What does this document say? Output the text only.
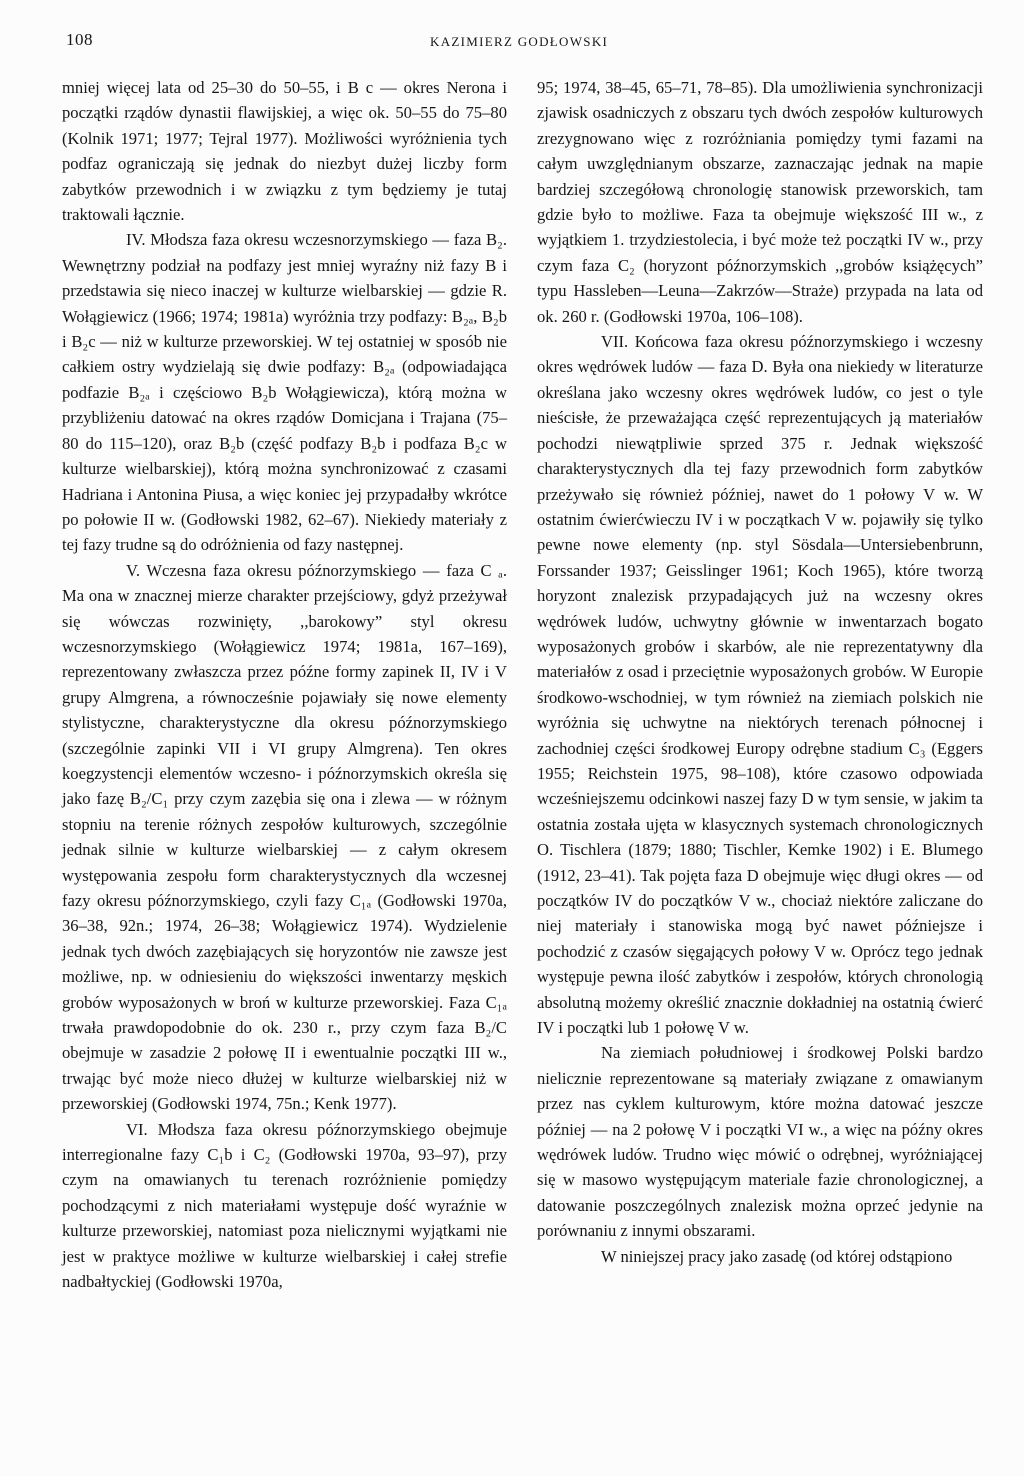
108	KAZIMIERZ GODŁOWSKI

mniej więcej lata od 25–30 do 50–55, i B c — okres Nerona i początki rządów dynastii flawijskiej, a więc ok. 50–55 do 75–80 (Kolnik 1971; 1977; Tejral 1977). Możliwości wyróżnienia tych podfaz ograniczają się jednak do niezbyt dużej liczby form zabytków przewodnich i w związku z tym będziemy je tutaj traktowali łącznie.

IV. Młodsza faza okresu wczesnorzymskiego — faza B₂. Wewnętrzny podział na podfazy jest mniej wyraźny niż fazy B i przedstawia się nieco inaczej w kulturze wielbarskiej — gdzie R. Wołągiewicz (1966; 1974; 1981a) wyróżnia trzy podfazy: B₂ₐ, B₂b i B₂c — niż w kulturze przeworskiej. W tej ostatniej w sposób nie całkiem ostry wydzielają się dwie podfazy: B₂ₐ (odpowiadająca podfazie B₂ₐ i częściowo B₂b Wołągiewicza), którą można w przybliżeniu datować na okres rządów Domicjana i Trajana (75–80 do 115–120), oraz B₂b (część podfazy B₂b i podfaza B₂c w kulturze wielbarskiej), którą można synchronizować z czasami Hadriana i Antonina Piusa, a więc koniec jej przypadałby wkrótce po połowie II w. (Godłowski 1982, 62–67). Niekiedy materiały z tej fazy trudne są do odróżnienia od fazy następnej.

V. Wczesna faza okresu późnorzymskiego — faza C ₐ. Ma ona w znacznej mierze charakter przejściowy, gdyż przeżywał się wówczas rozwinięty, ,,barokowy” styl okresu wczesnorzymskiego (Wołągiewicz 1974; 1981a, 167–169), reprezentowany zwłaszcza przez późne formy zapinek II, IV i V grupy Almgrena, a równocześnie pojawiały się nowe elementy stylistyczne, charakterystyczne dla okresu późnorzymskiego (szczególnie zapinki VII i VI grupy Almgrena). Ten okres koegzystencji elementów wczesno- i późnorzymskich określa się jako fazę B₂/C₁ przy czym zazębia się ona i zlewa — w różnym stopniu na terenie różnych zespołów kulturowych, szczególnie jednak silnie w kulturze wielbarskiej — z całym okresem występowania zespołu form charakterystycznych dla wczesnej fazy okresu późnorzymskiego, czyli fazy C₁ₐ (Godłowski 1970a, 36–38, 92n.; 1974, 26–38; Wołągiewicz 1974). Wydzielenie jednak tych dwóch zazębiających się horyzontów nie zawsze jest możliwe, np. w odniesieniu do większości inwentarzy męskich grobów wyposażonych w broń w kulturze przeworskiej. Faza C₁ₐ trwała prawdopodobnie do ok. 230 r., przy czym faza B₂/C obejmuje w zasadzie 2 połowę II i ewentualnie początki III w., trwając być może nieco dłużej w kulturze wielbarskiej niż w przeworskiej (Godłowski 1974, 75n.; Kenk 1977).

VI. Młodsza faza okresu późnorzymskiego obejmuje interregionalne fazy C₁b i C₂ (Godłowski 1970a, 93–97), przy czym na omawianych tu terenach rozróżnienie pomiędzy pochodzącymi z nich materiałami występuje dość wyraźnie w kulturze przeworskiej, natomiast poza nielicznymi wyjątkami nie jest w praktyce możliwe w kulturze wielbarskiej i całej strefie nadbałtyckiej (Godłowski 1970a,

95; 1974, 38–45, 65–71, 78–85). Dla umożliwienia synchronizacji zjawisk osadniczych z obszaru tych dwóch zespołów kulturowych zrezygnowano więc z rozróżniania pomiędzy tymi fazami na całym uwzględnianym obszarze, zaznaczając jednak na mapie bardziej szczegółową chronologię stanowisk przeworskich, tam gdzie było to możliwe. Faza ta obejmuje większość III w., z wyjątkiem 1. trzydziestolecia, i być może też początki IV w., przy czym faza C₂ (horyzont późnorzymskich ,,grobów książęcych” typu Hassleben—Leuna—Zakrzów—Straże) przypada na lata od ok. 260 r. (Godłowski 1970a, 106–108).

VII. Końcowa faza okresu późnorzymskiego i wczesny okres wędrówek ludów — faza D. Była ona niekiedy w literaturze określana jako wczesny okres wędrówek ludów, co jest o tyle nieścisłe, że przeważająca część reprezentujących ją materiałów pochodzi niewątpliwie sprzed 375 r. Jednak większość charakterystycznych dla tej fazy przewodnich form zabytków przeżywało się również później, nawet do 1 połowy V w. W ostatnim ćwierćwieczu IV i w początkach V w. pojawiły się tylko pewne nowe elementy (np. styl Sösdala—Untersiebenbrunn, Forssander 1937; Geisslinger 1961; Koch 1965), które tworzą horyzont znalezisk przypadających już na wczesny okres wędrówek ludów, uchwytny głównie w inwentarzach bogato wyposażonych grobów i skarbów, ale nie reprezentatywny dla materiałów z osad i przeciętnie wyposażonych grobów. W Europie środkowo-wschodniej, w tym również na ziemiach polskich nie wyróżnia się uchwytne na niektórych terenach północnej i zachodniej części środkowej Europy odrębne stadium C₃ (Eggers 1955; Reichstein 1975, 98–108), które czasowo odpowiada wcześniejszemu odcinkowi naszej fazy D w tym sensie, w jakim ta ostatnia została ujęta w klasycznych systemach chronologicznych O. Tischlera (1879; 1880; Tischler, Kemke 1902) i E. Blumego (1912, 23–41). Tak pojęta faza D obejmuje więc długi okres — od początków IV do początków V w., chociaż niektóre zaliczane do niej materiały i stanowiska mogą być nawet późniejsze i pochodzić z czasów sięgających połowy V w. Oprócz tego jednak występuje pewna ilość zabytków i zespołów, których chronologią absolutną możemy określić znacznie dokładniej na ostatnią ćwierć IV i początki lub 1 połowę V w.

Na ziemiach południowej i środkowej Polski bardzo nielicznie reprezentowane są materiały związane z omawianym przez nas cyklem kulturowym, które można datować jeszcze później — na 2 połowę V i początki VI w., a więc na późny okres wędrówek ludów. Trudno więc mówić o odrębnej, wyróżniającej się w masowo występującym materiale fazie chronologicznej, a datowanie poszczególnych znalezisk można oprzeć jedynie na porównaniu z innymi obszarami.

W niniejszej pracy jako zasadę (od której odstąpiono
